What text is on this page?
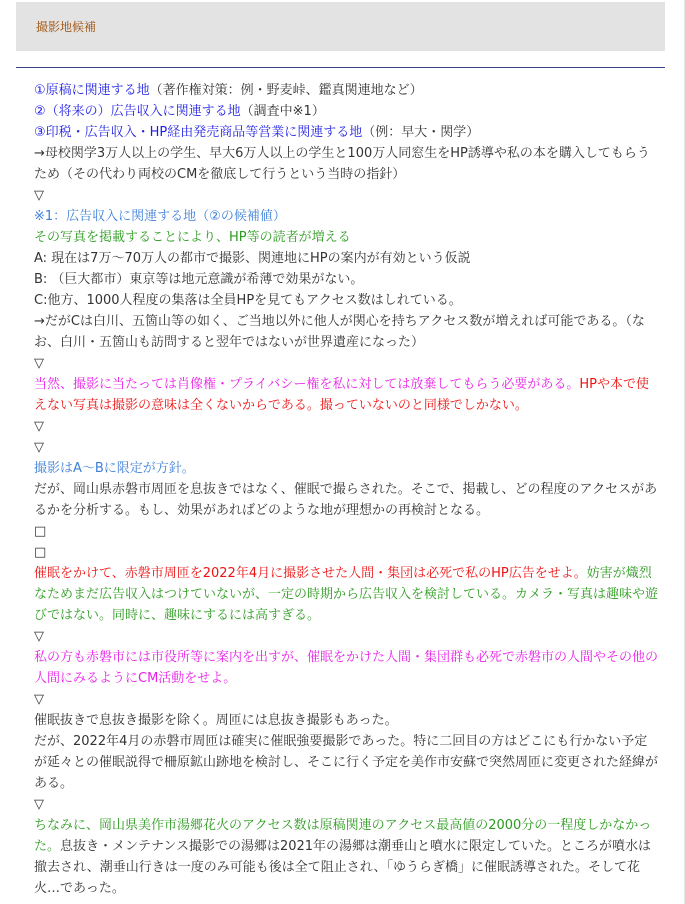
撮影地候補

①原稿に関連する地（著作権対策：例・野麦峠、鑑真関連地など）

②（将来の）広告収入に関連する地（調査中※1）

③印税・広告収入・HP経由発売商品等営業に関連する地（例：早大・関学）

→母校関学3万人以上の学生、早大6万人以上の学生と100万人同窓生をHP誘導や私の本を購入してもらうため（その代わり両校のCMを徹底して行うという当時の指針）

▽

※1：広告収入に関連する地（②の候補値）

その写真を掲載することにより、HP等の読者が増える

A: 現在は7万～70万人の都市で撮影、関連地にHPの案内が有効という仮説

B: （巨大都市）東京等は地元意識が希薄で効果がない。

C:他方、1000人程度の集落は全員HPを見てもアクセス数はしれている。

→だがCは白川、五箇山等の如く、ご当地以外に他人が関心を持ちアクセス数が増えれば可能である。（なお、白川・五箇山も訪問すると翌年ではないが世界遺産になった）

▽

当然、撮影に当たっては肖像権・プライバシー権を私に対しては放棄してもらう必要がある。HPや本で使えない写真は撮影の意味は全くないからである。撮っていないのと同様でしかない。

▽

▽

撮影はA～Bに限定が方針。

だが、岡山県赤磐市周匝を息抜きではなく、催眠で撮らされた。そこで、掲載し、どの程度のアクセスがあるかを分析する。もし、効果があればどのような地が理想かの再検討となる。

□

□

催眠をかけて、赤磐市周匝を2022年4月に撮影させた人間・集団は必死で私のHP広告をせよ。妨害が熾烈なためまだ広告収入はつけていないが、一定の時期から広告収入を検討している。カメラ・写真は趣味や遊びではない。同時に、趣味にするには高すぎる。

▽

私の方も赤磐市には市役所等に案内を出すが、催眠をかけた人間・集団群も必死で赤磐市の人間やその他の人間にみるようにCM活動をせよ。

▽

催眠抜きで息抜き撮影を除く。周匝には息抜き撮影もあった。

だが、2022年4月の赤磐市周匝は確実に催眠強要撮影であった。特に二回目の方はどこにも行かない予定が延々との催眠説得で柵原鉱山跡地を検討し、そこに行く予定を美作市安蘇で突然周匝に変更された経緯がある。

▽

ちなみに、岡山県美作市湯郷花火のアクセス数は原稿関連のアクセス最高値の2000分の一程度しかなかった。息抜き・メンテナンス撮影での湯郷は2021年の湯郷は潮垂山と噴水に限定していた。ところが噴水は撤去され、潮垂山行きは一度のみ可能も後は全て阻止され、「ゆうらぎ橋」に催眠誘導された。そして花火…であった。
